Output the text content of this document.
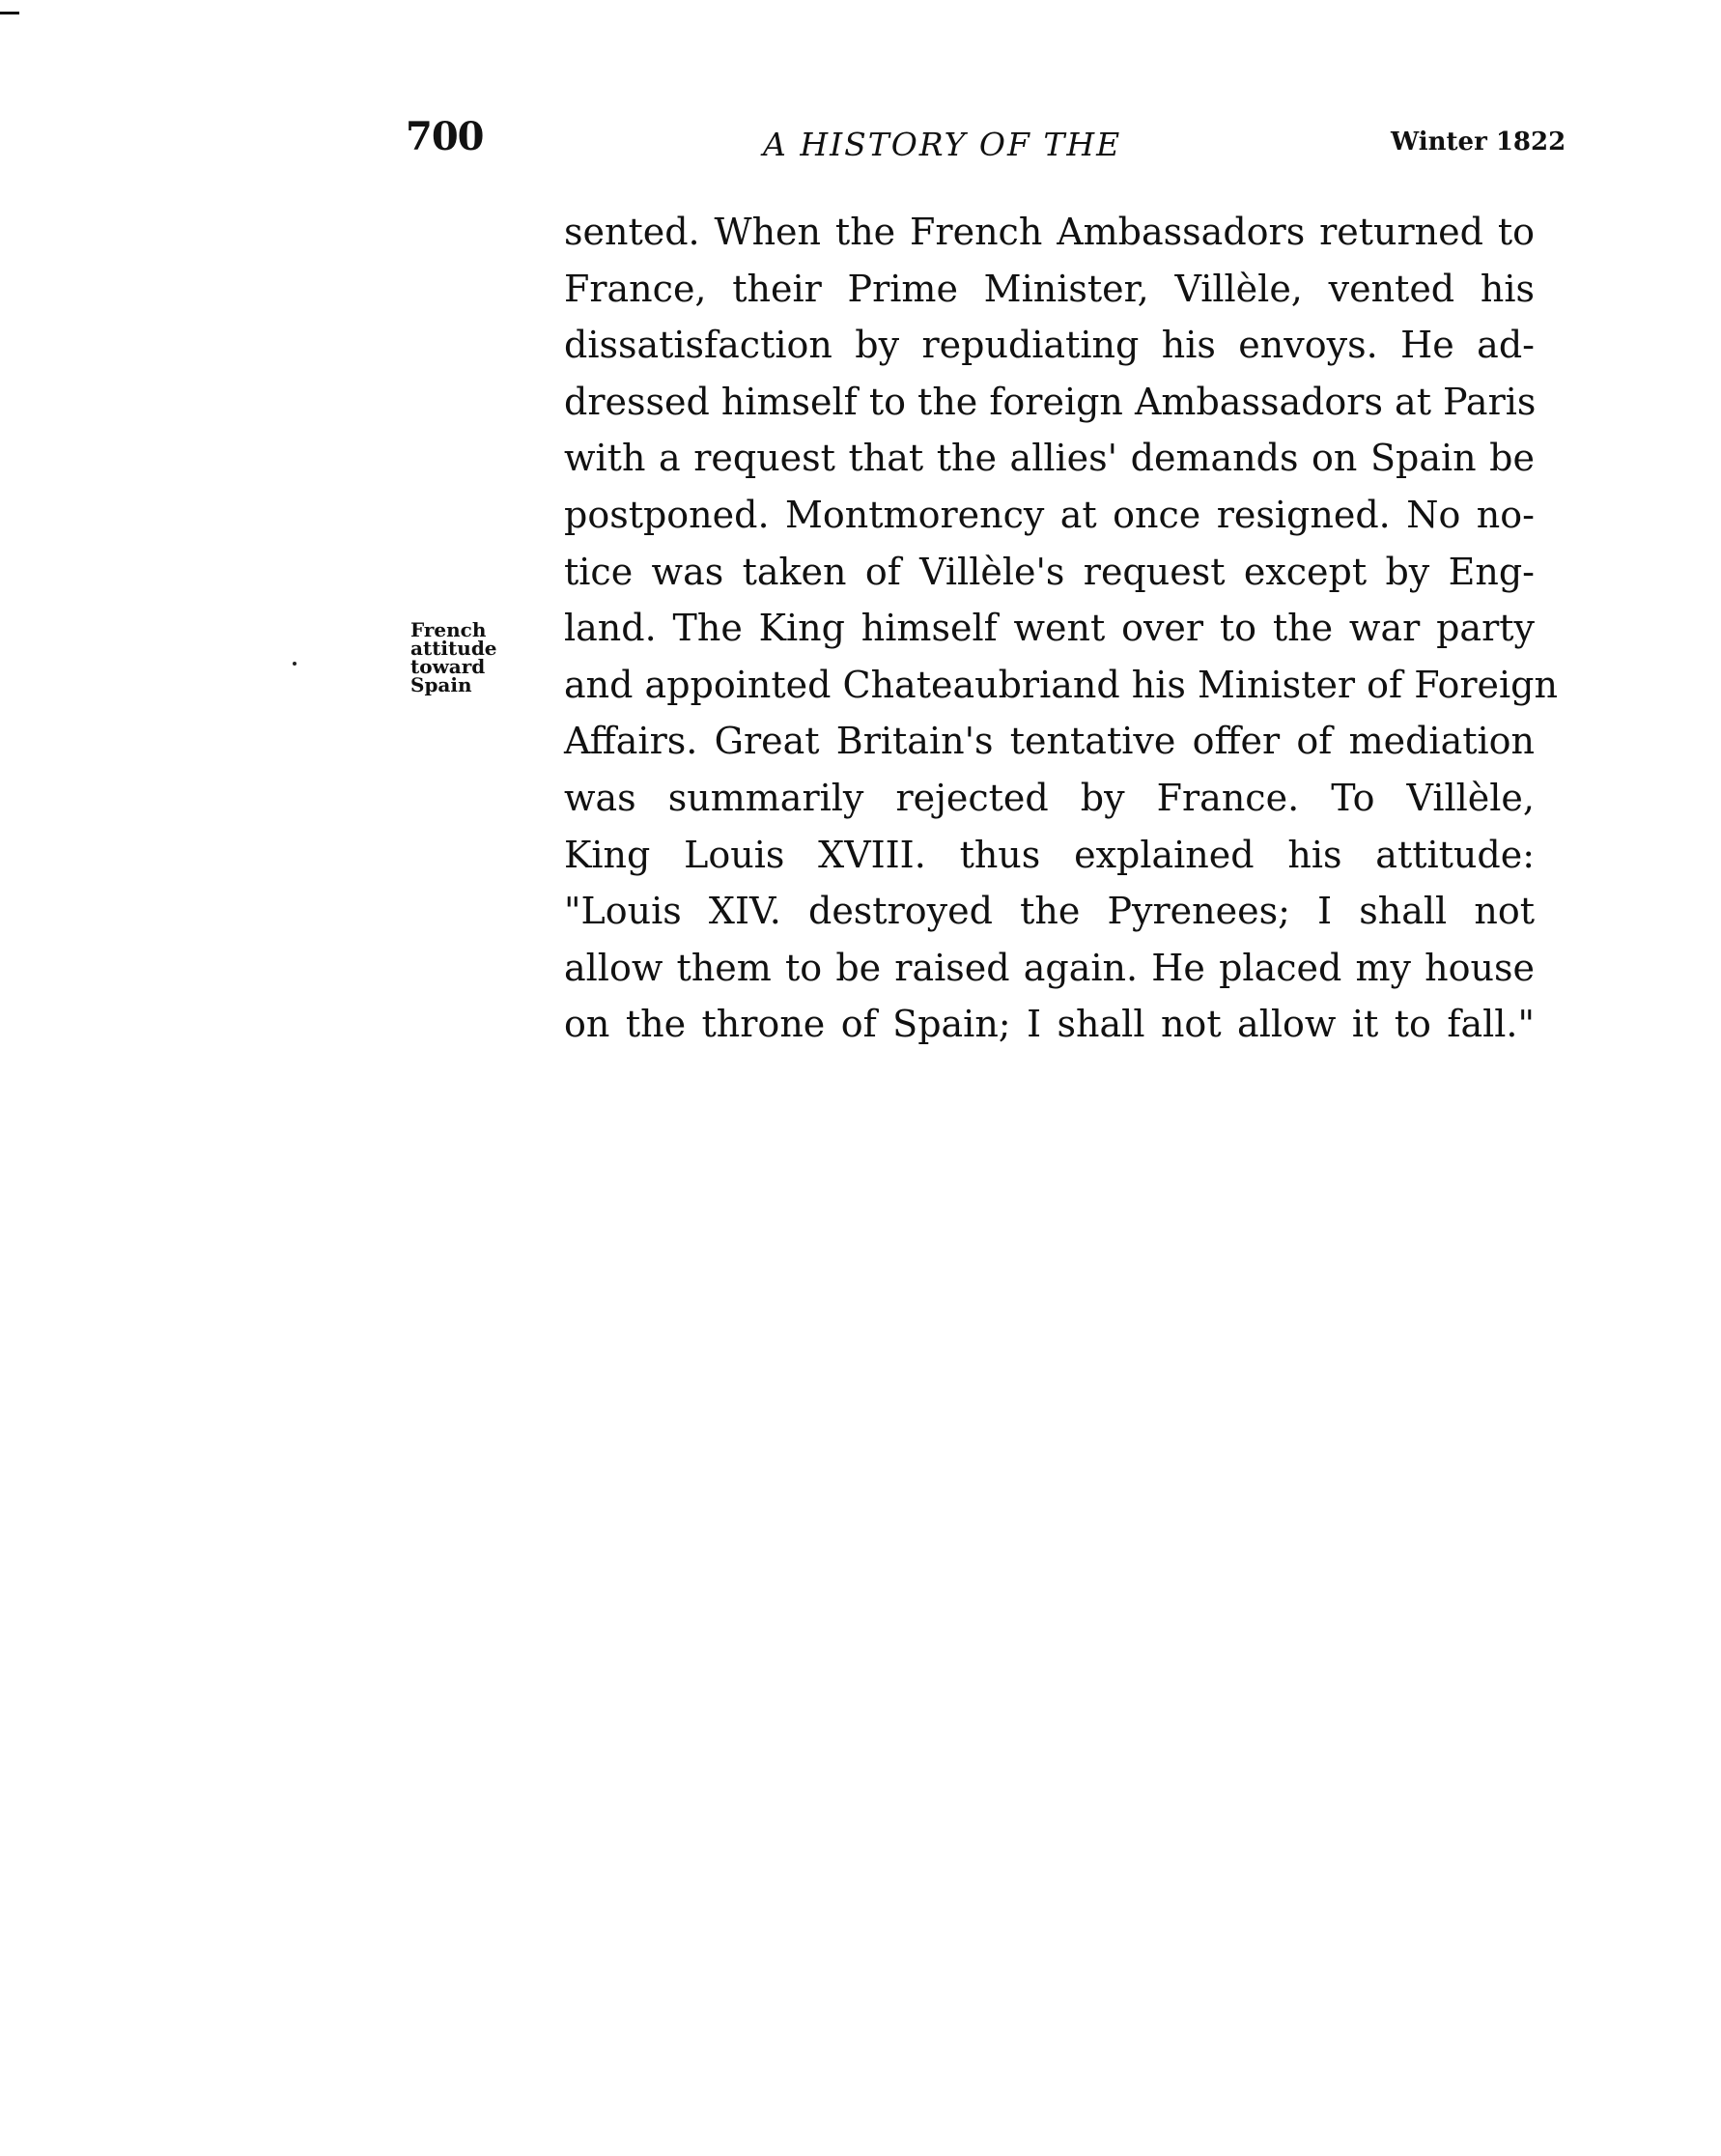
700	A HISTORY OF THE	Winter 1822
French
attitude
toward
Spain
sented. When the French Ambassadors returned to
France, their Prime Minister, Villèle, vented his
dissatisfaction by repudiating his envoys. He ad-
dressed himself to the foreign Ambassadors at Paris
with a request that the allies' demands on Spain be
postponed. Montmorency at once resigned. No no-
tice was taken of Villèle's request except by Eng-
land. The King himself went over to the war party
and appointed Chateaubriand his Minister of Foreign
Affairs. Great Britain's tentative offer of mediation
was summarily rejected by France. To Villèle,
King Louis XVIII. thus explained his attitude:
"Louis XIV. destroyed the Pyrenees; I shall not
allow them to be raised again. He placed my house
on the throne of Spain; I shall not allow it to fall."
